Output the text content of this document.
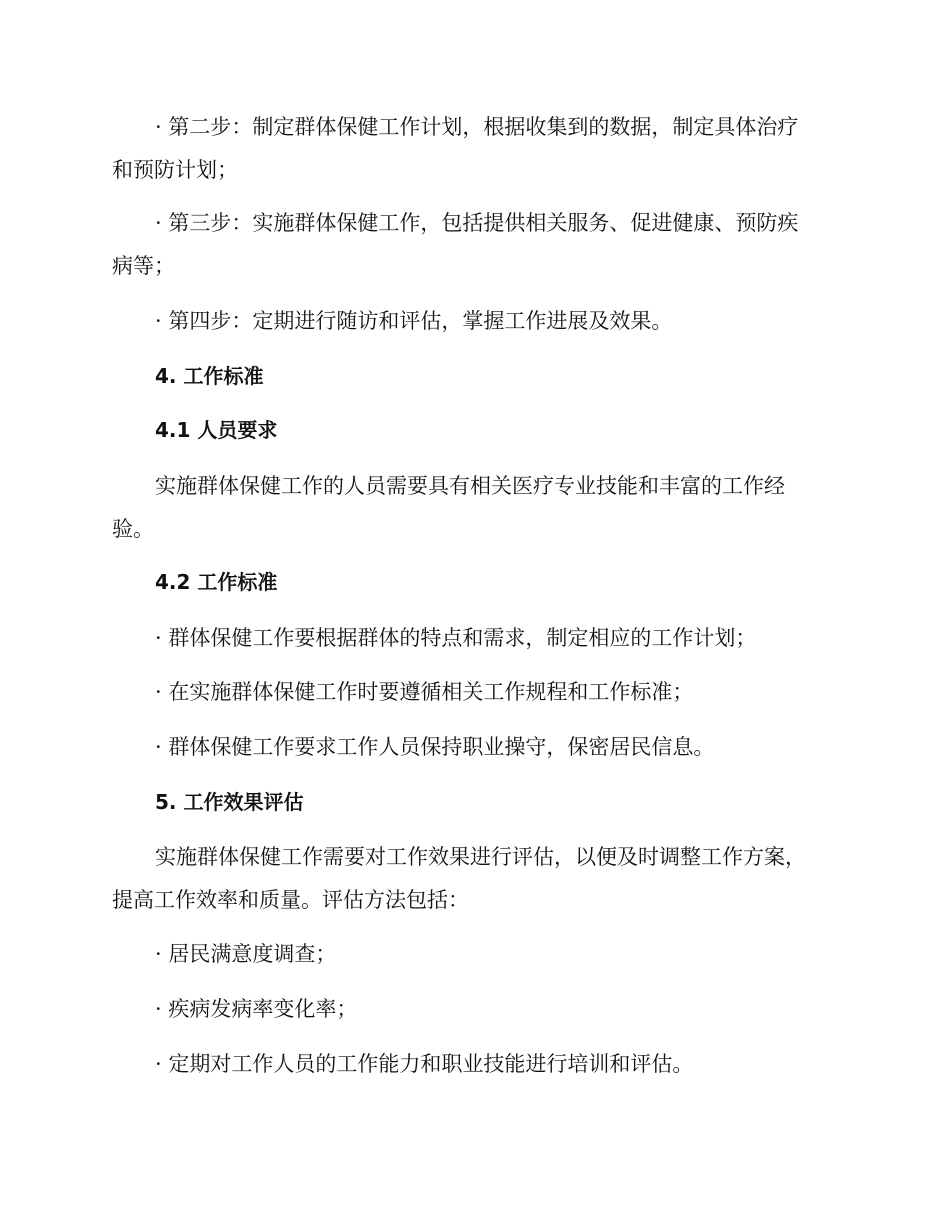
· 第二步：制定群体保健工作计划，根据收集到的数据，制定具体治疗
和预防计划；
· 第三步：实施群体保健工作，包括提供相关服务、促进健康、预防疾
病等；
· 第四步：定期进行随访和评估，掌握工作进展及效果。
4. 工作标准
4.1 人员要求
实施群体保健工作的人员需要具有相关医疗专业技能和丰富的工作经
验。
4.2 工作标准
· 群体保健工作要根据群体的特点和需求，制定相应的工作计划；
· 在实施群体保健工作时要遵循相关工作规程和工作标准；
· 群体保健工作要求工作人员保持职业操守，保密居民信息。
5. 工作效果评估
实施群体保健工作需要对工作效果进行评估，以便及时调整工作方案，
提高工作效率和质量。评估方法包括：
· 居民满意度调查；
· 疾病发病率变化率；
· 定期对工作人员的工作能力和职业技能进行培训和评估。
